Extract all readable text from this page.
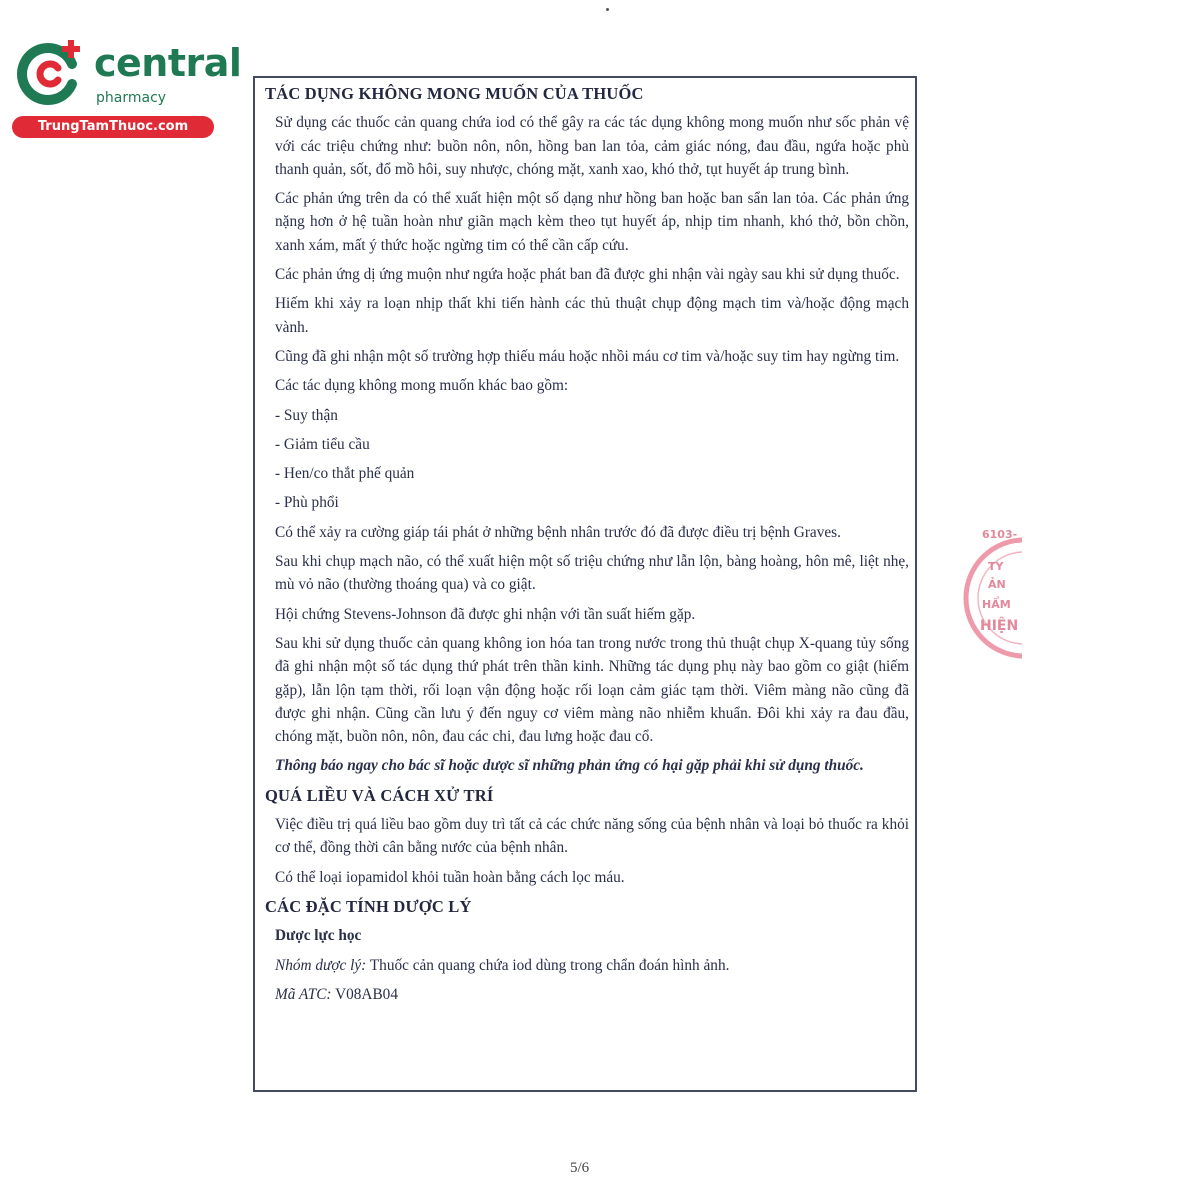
central
pharmacy
TrungTamThuoc.com
TÁC DỤNG KHÔNG MONG MUỐN CỦA THUỐC
Sử dụng các thuốc cản quang chứa iod có thể gây ra các tác dụng không mong muốn như sốc phản vệ với các triệu chứng như: buồn nôn, nôn, hồng ban lan tỏa, cảm giác nóng, đau đầu, ngứa hoặc phù thanh quản, sốt, đổ mồ hôi, suy nhược, chóng mặt, xanh xao, khó thở, tụt huyết áp trung bình.
Các phản ứng trên da có thể xuất hiện một số dạng như hồng ban hoặc ban sẩn lan tỏa. Các phản ứng nặng hơn ở hệ tuần hoàn như giãn mạch kèm theo tụt huyết áp, nhịp tim nhanh, khó thở, bồn chồn, xanh xám, mất ý thức hoặc ngừng tim có thể cần cấp cứu.
Các phản ứng dị ứng muộn như ngứa hoặc phát ban đã được ghi nhận vài ngày sau khi sử dụng thuốc.
Hiếm khi xảy ra loạn nhịp thất khi tiến hành các thủ thuật chụp động mạch tim và/hoặc động mạch vành.
Cũng đã ghi nhận một số trường hợp thiếu máu hoặc nhồi máu cơ tim và/hoặc suy tim hay ngừng tim.
Các tác dụng không mong muốn khác bao gồm:
- Suy thận
- Giảm tiểu cầu
- Hen/co thắt phế quản
- Phù phổi
Có thể xảy ra cường giáp tái phát ở những bệnh nhân trước đó đã được điều trị bệnh Graves.
Sau khi chụp mạch não, có thể xuất hiện một số triệu chứng như lẫn lộn, bàng hoàng, hôn mê, liệt nhẹ, mù vỏ não (thường thoáng qua) và co giật.
Hội chứng Stevens-Johnson đã được ghi nhận với tần suất hiếm gặp.
Sau khi sử dụng thuốc cản quang không ion hóa tan trong nước trong thủ thuật chụp X-quang tủy sống đã ghi nhận một số tác dụng thứ phát trên thần kinh. Những tác dụng phụ này bao gồm co giật (hiếm gặp), lẫn lộn tạm thời, rối loạn vận động hoặc rối loạn cảm giác tạm thời. Viêm màng não cũng đã được ghi nhận. Cũng cần lưu ý đến nguy cơ viêm màng não nhiễm khuẩn. Đôi khi xảy ra đau đầu, chóng mặt, buồn nôn, nôn, đau các chi, đau lưng hoặc đau cổ.
Thông báo ngay cho bác sĩ hoặc dược sĩ những phản ứng có hại gặp phải khi sử dụng thuốc.
QUÁ LIỀU VÀ CÁCH XỬ TRÍ
Việc điều trị quá liều bao gồm duy trì tất cả các chức năng sống của bệnh nhân và loại bỏ thuốc ra khỏi cơ thể, đồng thời cân bằng nước của bệnh nhân.
Có thể loại iopamidol khỏi tuần hoàn bằng cách lọc máu.
CÁC ĐẶC TÍNH DƯỢC LÝ
Dược lực học
Nhóm dược lý: Thuốc cản quang chứa iod dùng trong chẩn đoán hình ảnh.
Mã ATC: V08AB04
6103-
TY
ẢN
HẨM
HIỆN
5/6
